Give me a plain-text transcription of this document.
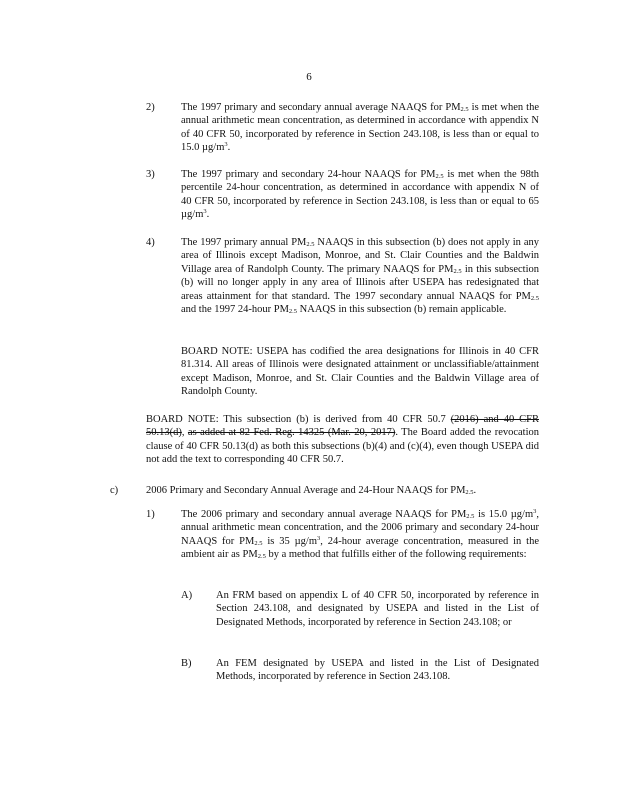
6
2)	The 1997 primary and secondary annual average NAAQS for PM2.5 is met when the annual arithmetic mean concentration, as determined in accordance with appendix N of 40 CFR 50, incorporated by reference in Section 243.108, is less than or equal to 15.0 $\mu g/m^3$.
3)	The 1997 primary and secondary 24-hour NAAQS for PM2.5 is met when the 98th percentile 24-hour concentration, as determined in accordance with appendix N of 40 CFR 50, incorporated by reference in Section 243.108, is less than or equal to 65 $\mu g/m^3$.
4)	The 1997 primary annual PM2.5 NAAQS in this subsection (b) does not apply in any area of Illinois except Madison, Monroe, and St. Clair Counties and the Baldwin Village area of Randolph County. The primary NAAQS for PM2.5 in this subsection (b) will no longer apply in any area of Illinois after USEPA has redesignated that areas attainment for that standard. The 1997 secondary annual NAAQS for PM2.5 and the 1997 24-hour PM2.5 NAAQS in this subsection (b) remain applicable.
BOARD NOTE: USEPA has codified the area designations for Illinois in 40 CFR 81.314. All areas of Illinois were designated attainment or unclassifiable/attainment except Madison, Monroe, and St. Clair Counties and the Baldwin Village area of Randolph County.
BOARD NOTE: This subsection (b) is derived from 40 CFR 50.7 (2016) and 40 CFR 50.13(d), as added at 82 Fed. Reg. 14325 (Mar. 20, 2017). The Board added the revocation clause of 40 CFR 50.13(d) as both this subsections (b)(4) and (c)(4), even though USEPA did not add the text to corresponding 40 CFR 50.7.
c)	2006 Primary and Secondary Annual Average and 24-Hour NAAQS for PM2.5.
1)	The 2006 primary and secondary annual average NAAQS for PM2.5 is 15.0 $\mu g/m^3$, annual arithmetic mean concentration, and the 2006 primary and secondary 24-hour NAAQS for PM2.5 is 35 $\mu g/m^3$, 24-hour average concentration, measured in the ambient air as PM2.5 by a method that fulfills either of the following requirements:
A) An FRM based on appendix L of 40 CFR 50, incorporated by reference in Section 243.108, and designated by USEPA and listed in the List of Designated Methods, incorporated by reference in Section 243.108; or
B) An FEM designated by USEPA and listed in the List of Designated Methods, incorporated by reference in Section 243.108.
